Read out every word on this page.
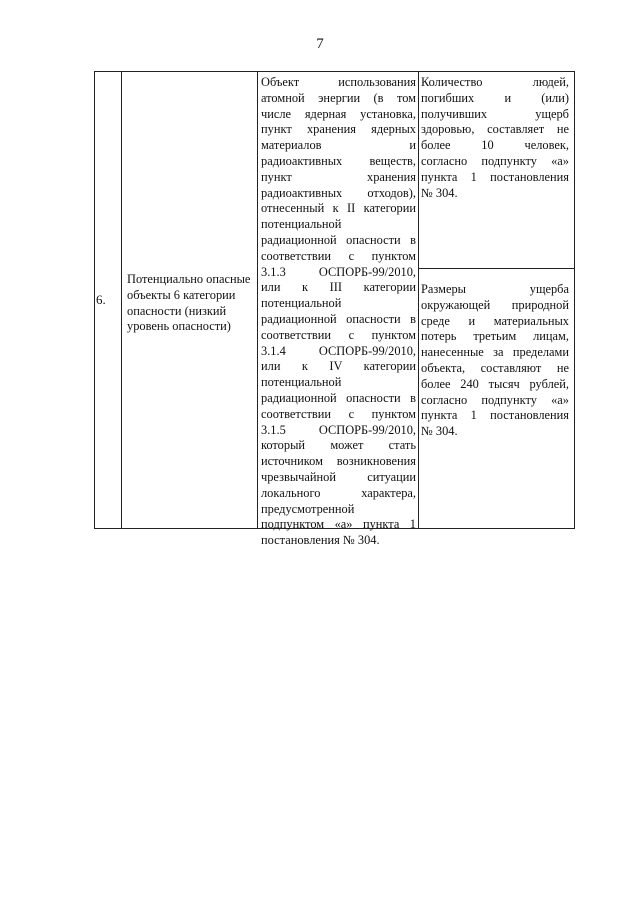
7
6.
Потенциально опасные
объекты 6 категории
опасности (низкий
уровень опасности)
Объект использования
атомной энергии (в том
числе ядерная установка,
пункт хранения ядерных
материалов и
радиоактивных веществ,
пункт хранения
радиоактивных отходов),
отнесенный к II категории
потенциальной
радиационной опасности в
соответствии с пунктом
3.1.3 ОСПОРБ-99/2010,
или к III категории
потенциальной
радиационной опасности в
соответствии с пунктом
3.1.4 ОСПОРБ-99/2010,
или к IV категории
потенциальной
радиационной опасности в
соответствии с пунктом
3.1.5 ОСПОРБ-99/2010,
который может стать
источником возникновения
чрезвычайной ситуации
локального характера,
предусмотренной
подпунктом «а» пункта 1
постановления № 304.
Количество людей,
погибших и (или)
получивших ущерб
здоровью, составляет не
более 10 человек,
согласно подпункту «а»
пункта 1 постановления
№ 304.
Размеры ущерба
окружающей природной
среде и материальных
потерь третьим лицам,
нанесенные за пределами
объекта, составляют не
более 240 тысяч рублей,
согласно подпункту «а»
пункта 1 постановления
№ 304.
